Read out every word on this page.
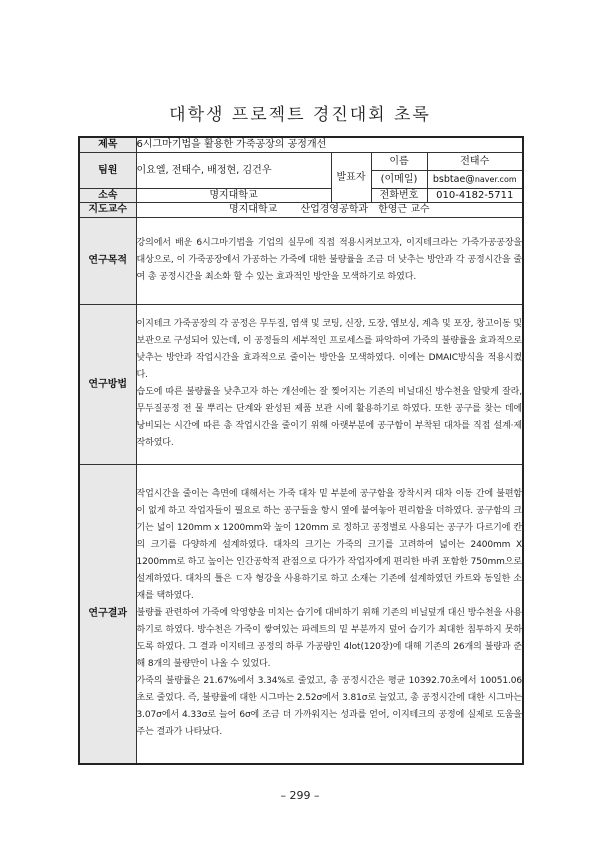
대학생 프로젝트 경진대회 초록
제목	6시그마기법을 활용한 가죽공장의 공정개선			
팀원	이요엘, 전태수, 배정현, 김건우	발표자	이름	전태수
			(이메일)	bsbtae@naver.com
소속	명지대학교		전화번호	010-4182-5711
지도교수	명지대학교　　 산업경영공학과　한영근 교수			
연구목적	강의에서 배운 6시그마기법을 기업의 실무에 직접 적용시켜보고자, 이지테크라는 가죽가공공장을 대상으로, 이 가죽공장에서 가공하는 가죽에 대한 불량률을 조금 더 낮추는 방안과 각 공정시간을 줄여 총 공정시간을 최소화 할 수 있는 효과적인 방안을 모색하기로 하였다.			

연구방법	이지테크 가죽공장의 각 공정은 무두질, 염색 및 코팅, 신장, 도장, 엠보싱, 계측 및 포장, 창고이동 및 보관으로 구성되어 있는데, 이 공정들의 세부적인 프로세스를 파악하여 가죽의 불량률을 효과적으로 낮추는 방안과 작업시간을 효과적으로 줄이는 방안을 모색하였다. 이에는 DMAIC방식을 적용시켰다.
습도에 따른 불량률을 낮추고자 하는 개선에는 잘 찢어지는 기존의 비닐대신 방수천을 알맞게 잘라, 무두질공정 전 물 뿌리는 단계와 완성된 제품 보관 시에 활용하기로 하였다. 또한 공구를 찾는 데에 낭비되는 시간에 따른 총 작업시간을 줄이기 위해 아랫부분에 공구함이 부착된 대차를 직접 설계·제작하였다.			

연구결과	작업시간을 줄이는 측면에 대해서는 가죽 대차 밑 부분에 공구함을 장착시켜 대차 이동 간에 불편함이 없게 하고 작업자들이 필요로 하는 공구들을 항시 옆에 붙여놓아 편리함을 더하였다. 공구함의 크기는 넓이 120mm x 1200mm와 높이 120mm 로 정하고 공정별로 사용되는 공구가 다르기에 칸의 크기를 다양하게 설계하였다. 대차의 크기는 가죽의 크기를 고려하여 넓이는 2400mm X 1200mm로 하고 높이는 인간공학적 관점으로 다가가 작업자에게 편리한 바퀴 포함한 750mm으로 설계하였다. 대차의 틀은 ㄷ자 형강을 사용하기로 하고 소재는 기존에 설계하였던 카트와 동일한 소재를 택하였다.
불량률 관련하여 가죽에 악영향을 미치는 습기에 대비하기 위해 기존의 비닐덮개 대신 방수천을 사용하기로 하였다. 방수천은 가죽이 쌓여있는 파레트의 밑 부분까지 덮어 습기가 최대한 침투하지 못하도록 하였다. 그 결과 이지테크 공정의 하루 가공량인 4lot(120장)에 대해 기존의 26개의 불량과 준해 8개의 불량만이 나올 수 있었다.
가죽의 불량률은 21.67%에서 3.34%로 줄었고, 총 공정시간은 평균 10392.70초에서 10051.06초로 줄었다. 즉, 불량률에 대한 시그마는 2.52σ에서 3.81σ로 늘었고, 총 공정시간에 대한 시그마는 3.07σ에서 4.33σ로 늘어 6σ에 조금 더 가까워지는 성과를 얻어, 이지테크의 공정에 실제로 도움을 주는 결과가 나타났다.			
– 299 –
